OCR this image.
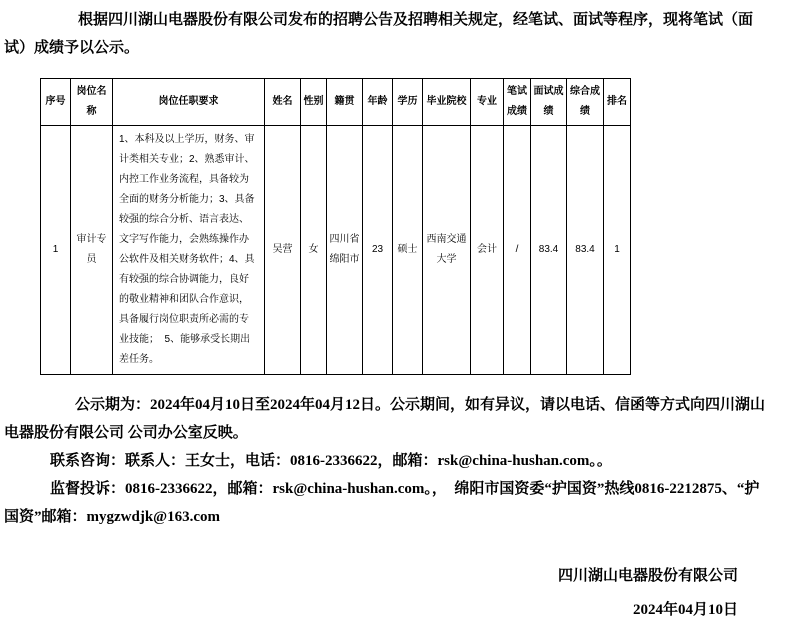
根据四川湖山电器股份有限公司发布的招聘公告及招聘相关规定，经笔试、面试等程序，现将笔试（面试）成绩予以公示。

序号	岗位名称	岗位任职要求	姓名	性别	籍贯	年龄	学历	毕业院校	专业	笔试成绩	面试成绩	综合成绩	排名
1	审计专员	1、本科及以上学历，财务、审计类相关专业；2、熟悉审计、内控工作业务流程，具备较为全面的财务分析能力；3、具备较强的综合分析、语言表达、文字写作能力，会熟练操作办公软件及相关财务软件；4、具有较强的综合协调能力，良好的敬业精神和团队合作意识，具备履行岗位职责所必需的专业技能；  5、能够承受长期出差任务。	吴营	女	四川省绵阳市	23	硕士	西南交通大学	会计	/	83.4	83.4	1

公示期为：2024年04月10日至2024年04月12日。公示期间，如有异议，请以电话、信函等方式向四川湖山电器股份有限公司 公司办公室反映。

联系咨询：联系人：王女士，电话：0816-2336622，邮箱：rsk@china-hushan.com。。

监督投诉：0816-2336622，邮箱：rsk@china-hushan.com。，  绵阳市国资委“护国资”热线0816-2212875、“护国资”邮箱：mygzwdjk@163.com

四川湖山电器股份有限公司
2024年04月10日
